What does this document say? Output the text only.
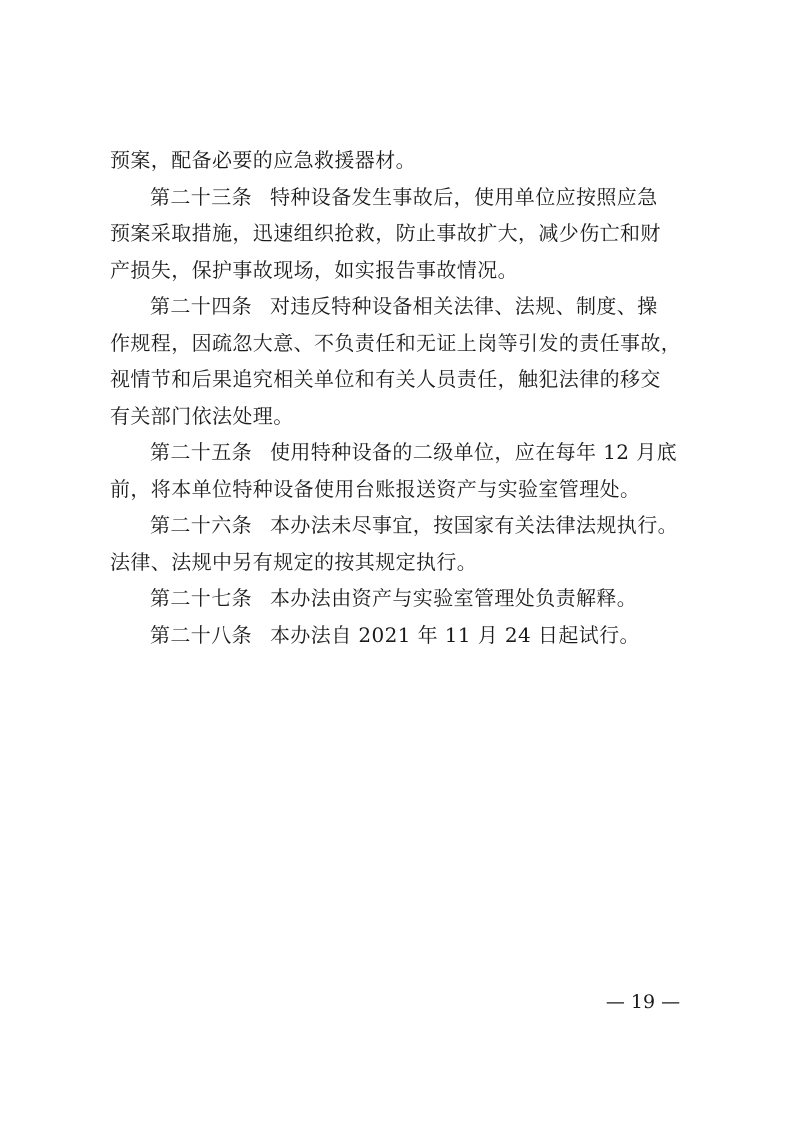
预案，配备必要的应急救援器材。
第二十三条 特种设备发生事故后，使用单位应按照应急
预案采取措施，迅速组织抢救，防止事故扩大，减少伤亡和财
产损失，保护事故现场，如实报告事故情况。
第二十四条 对违反特种设备相关法律、法规、制度、操
作规程，因疏忽大意、不负责任和无证上岗等引发的责任事故，
视情节和后果追究相关单位和有关人员责任，触犯法律的移交
有关部门依法处理。
第二十五条 使用特种设备的二级单位，应在每年 12 月底
前，将本单位特种设备使用台账报送资产与实验室管理处。
第二十六条 本办法未尽事宜，按国家有关法律法规执行。
法律、法规中另有规定的按其规定执行。
第二十七条 本办法由资产与实验室管理处负责解释。
第二十八条 本办法自 2021 年 11 月 24 日起试行。
— 19 —
